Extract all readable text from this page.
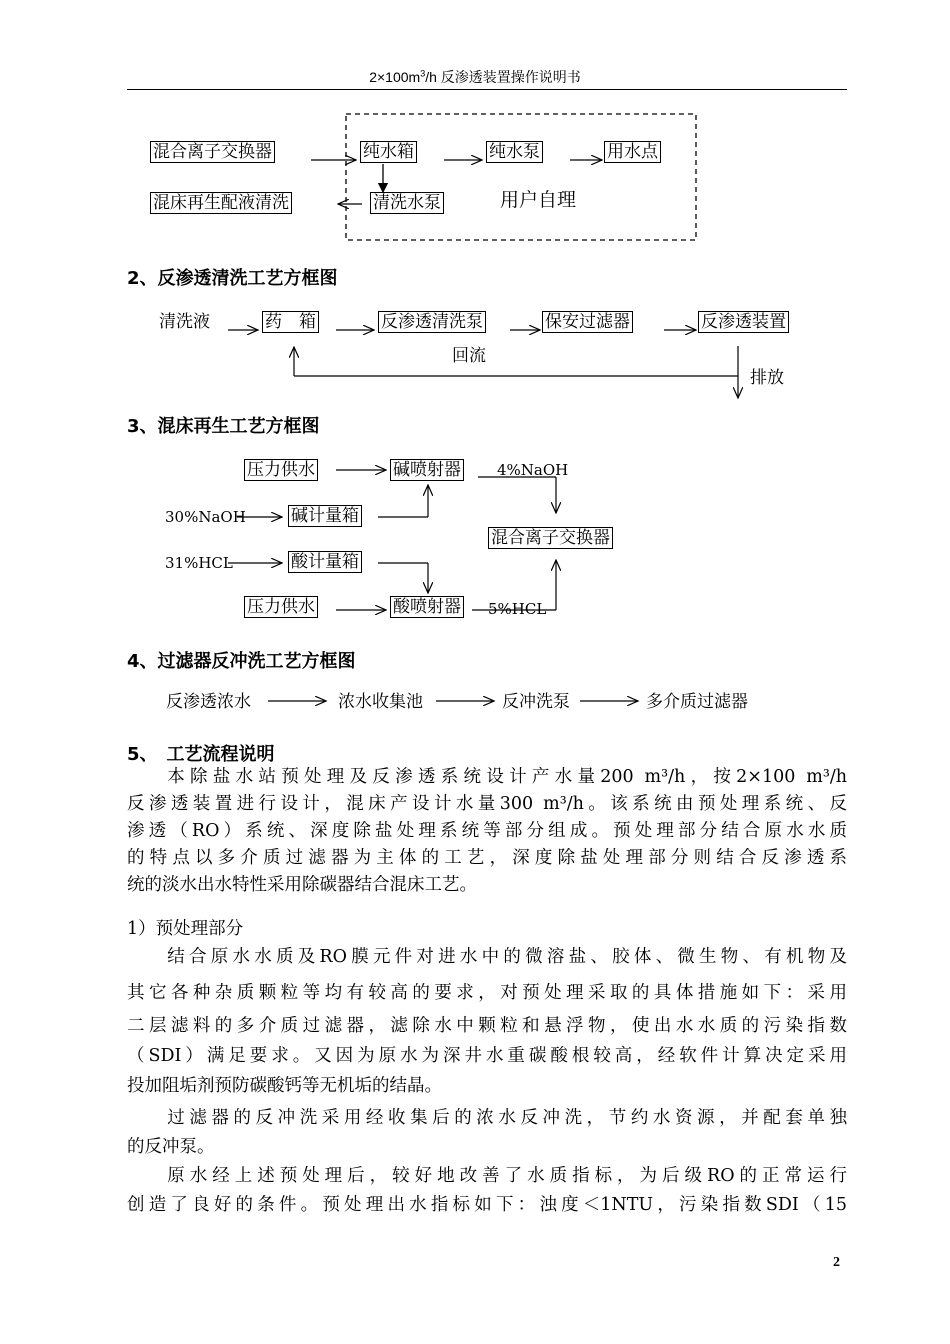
$2\times 100m^3/h$ 反渗透装置操作说明书
混合离子交换器	纯水箱	纯水泵	用水点
混床再生配液清洗	清洗水泵	用户自理
2、反渗透清洗工艺方框图
清洗液	药　箱	反渗透清洗泵	保安过滤器	反渗透装置
回流
排放
3、混床再生工艺方框图
压力供水	碱喷射器 4%NaOH
30%NaOH	碱计量箱
混合离子交换器
31%HCL	酸计量箱
压力供水	酸喷射器 5%HCL
4、过滤器反冲洗工艺方框图
反渗透浓水	浓水收集池	反冲洗泵	多介质过滤器
5、　工艺流程说明
本除盐水站预处理及反渗透系统设计产水量200 m³/h，按2×100 m³/h
反渗透装置进行设计，混床产设计水量300 m³/h。该系统由预处理系统、反
渗透（RO）系统、深度除盐处理系统等部分组成。预处理部分结合原水水质
的特点以多介质过滤器为主体的工艺，深度除盐处理部分则结合反渗透系
统的淡水出水特性采用除碳器结合混床工艺。
1）预处理部分
结合原水水质及RO膜元件对进水中的微溶盐、胶体、微生物、有机物及
其它各种杂质颗粒等均有较高的要求，对预处理采取的具体措施如下：采用
二层滤料的多介质过滤器，滤除水中颗粒和悬浮物，使出水水质的污染指数
（SDI）满足要求。又因为原水为深井水重碳酸根较高，经软件计算决定采用
投加阻垢剂预防碳酸钙等无机垢的结晶。
过滤器的反冲洗采用经收集后的浓水反冲洗，节约水资源，并配套单独
的反冲泵。
原水经上述预处理后，较好地改善了水质指标，为后级RO的正常运行
创造了良好的条件。预处理出水指标如下：浊度＜1NTU，污染指数SDI（15
2
